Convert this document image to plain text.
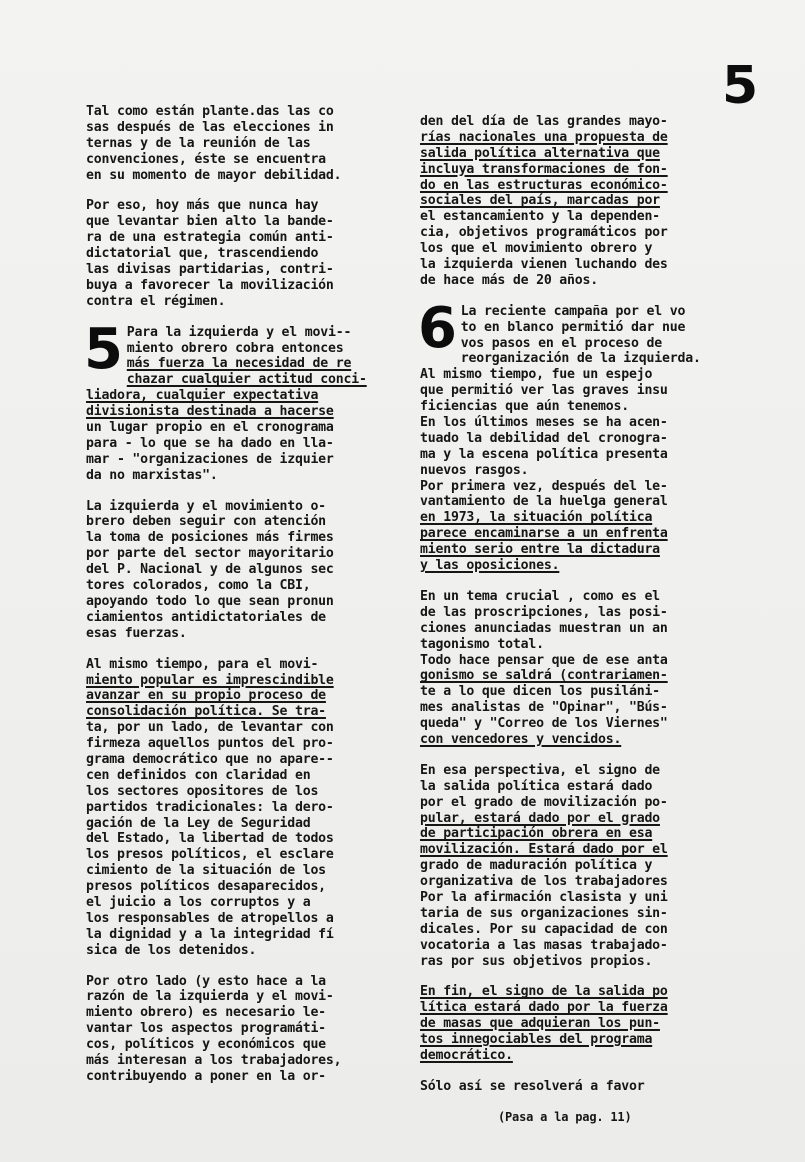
5
Tal como están plante.das las co
sas después de las elecciones in
ternas y de la reunión de las
convenciones, éste se encuentra
en su momento de mayor debilidad.
Por eso, hoy más que nunca hay
que levantar bien alto la bande-
ra de una estrategia común anti-
dictatorial que, trascendiendo
las divisas partidarias, contri-
buya a favorecer la movilización
contra el régimen.
5 Para la izquierda y el movi--
miento obrero cobra entonces
más fuerza la necesidad de re
chazar cualquier actitud conci-
liadora, cualquier expectativa
divisionista destinada a hacerse
un lugar propio en el cronograma
para - lo que se ha dado en lla-
mar - "organizaciones de izquier
da no marxistas".
La izquierda y el movimiento o-
brero deben seguir con atención
la toma de posiciones más firmes
por parte del sector mayoritario
del P. Nacional y de algunos sec
tores colorados, como la CBI,
apoyando todo lo que sean pronun
ciamientos antidictatoriales de
esas fuerzas.
Al mismo tiempo, para el movi-
miento popular es imprescindible
avanzar en su propio proceso de
consolidación política. Se tra-
ta, por un lado, de levantar con
firmeza aquellos puntos del pro-
grama democrático que no apare--
cen definidos con claridad en
los sectores opositores de los
partidos tradicionales: la dero-
gación de la Ley de Seguridad
del Estado, la libertad de todos
los presos políticos, el esclare
cimiento de la situación de los
presos políticos desaparecidos,
el juicio a los corruptos y a
los responsables de atropellos a
la dignidad y a la integridad fí
sica de los detenidos.
Por otro lado (y esto hace a la
razón de la izquierda y el movi-
miento obrero) es necesario le-
vantar los aspectos programáti-
cos, políticos y económicos que
más interesan a los trabajadores,
contribuyendo a poner en la or-
den del día de las grandes mayo-
rías nacionales una propuesta de
salida política alternativa que
incluya transformaciones de fon-
do en las estructuras económico-
sociales del país, marcadas por
el estancamiento y la dependen-
cia, objetivos programáticos por
los que el movimiento obrero y
la izquierda vienen luchando des
de hace más de 20 años.
6 La reciente campaña por el vo
to en blanco permitió dar nue
vos pasos en el proceso de
reorganización de la izquierda.
Al mismo tiempo, fue un espejo
que permitió ver las graves insu
ficiencias que aún tenemos.
En los últimos meses se ha acen-
tuado la debilidad del cronogra-
ma y la escena política presenta
nuevos rasgos.
Por primera vez, después del le-
vantamiento de la huelga general
en 1973, la situación política
parece encaminarse a un enfrenta
miento serio entre la dictadura
y las oposiciones.
En un tema crucial , como es el
de las proscripciones, las posi-
ciones anunciadas muestran un an
tagonismo total.
Todo hace pensar que de ese anta
gonismo se saldrá (contrariamen-
te a lo que dicen los pusiláni-
mes analistas de "Opinar", "Bús-
queda" y "Correo de los Viernes"
con vencedores y vencidos.
En esa perspectiva, el signo de
la salida política estará dado
por el grado de movilización po-
pular, estará dado por el grado
de participación obrera en esa
movilización. Estará dado por el
grado de maduración política y
organizativa de los trabajadores
Por la afirmación clasista y uni
taria de sus organizaciones sin-
dicales. Por su capacidad de con
vocatoria a las masas trabajado-
ras por sus objetivos propios.
En fin, el signo de la salida po
lítica estará dado por la fuerza
de masas que adquieran los pun-
tos innegociables del programa
democrático.
Sólo así se resolverá a favor
(Pasa a la pag. 11)
